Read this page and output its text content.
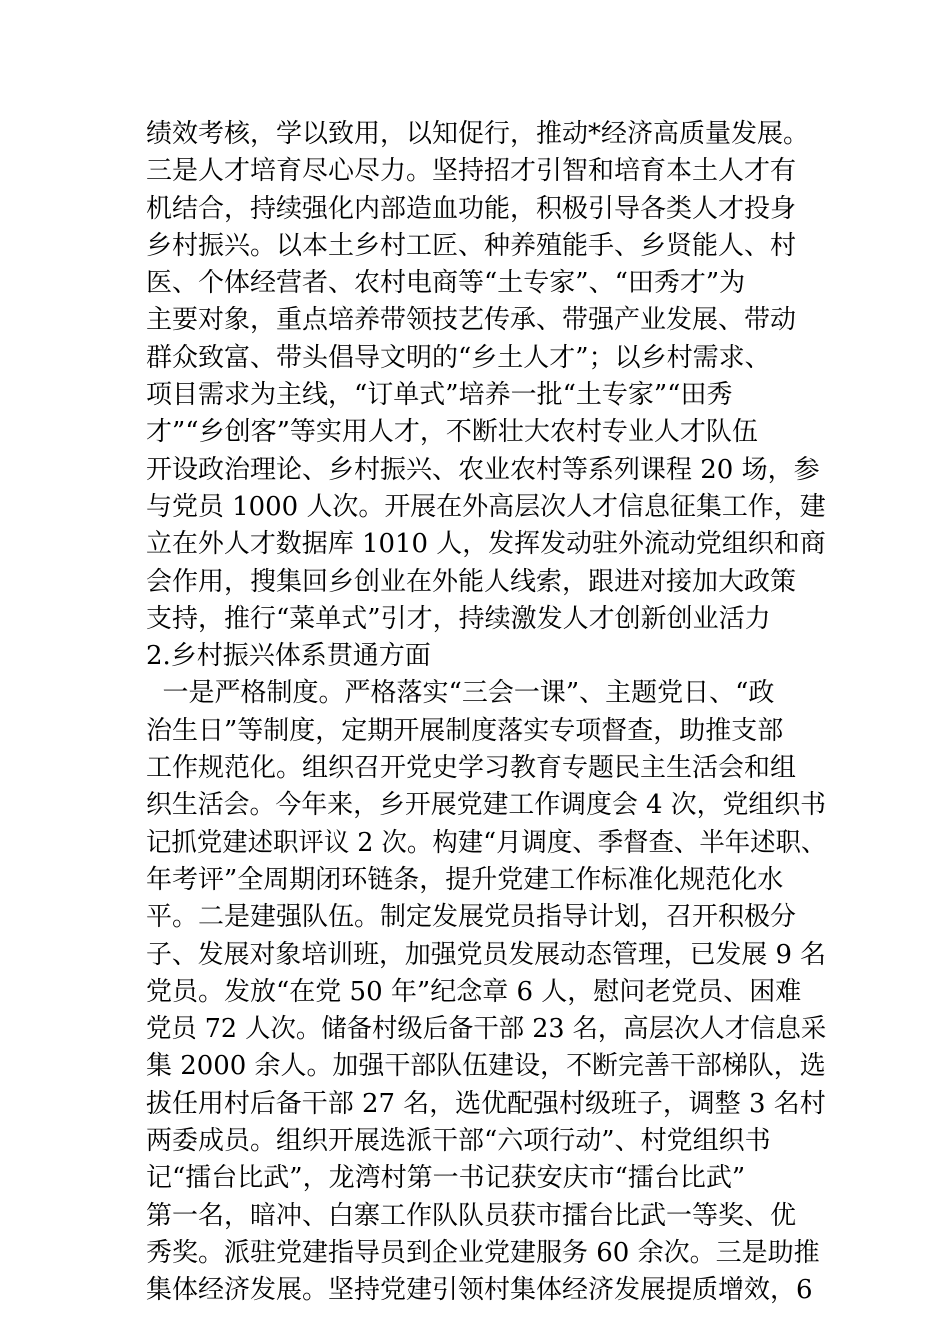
绩效考核，学以致用，以知促行，推动*经济高质量发展。
三是人才培育尽心尽力。坚持招才引智和培育本土人才有
机结合，持续强化内部造血功能，积极引导各类人才投身
乡村振兴。以本土乡村工匠、种养殖能手、乡贤能人、村
医、个体经营者、农村电商等“土专家”、“田秀才”为
主要对象，重点培养带领技艺传承、带强产业发展、带动
群众致富、带头倡导文明的“乡土人才”；以乡村需求、
项目需求为主线，“订单式”培养一批“土专家”“田秀
才”“乡创客”等实用人才，不断壮大农村专业人才队伍
开设政治理论、乡村振兴、农业农村等系列课程 20 场，参
与党员 1000 人次。开展在外高层次人才信息征集工作，建
立在外人才数据库 1010 人，发挥发动驻外流动党组织和商
会作用，搜集回乡创业在外能人线索，跟进对接加大政策
支持，推行“菜单式”引才，持续激发人才创新创业活力
2.乡村振兴体系贯通方面
一是严格制度。严格落实“三会一课”、主题党日、“政
治生日”等制度，定期开展制度落实专项督查，助推支部
工作规范化。组织召开党史学习教育专题民主生活会和组
织生活会。今年来，乡开展党建工作调度会 4 次，党组织书
记抓党建述职评议 2 次。构建“月调度、季督查、半年述职、
年考评”全周期闭环链条，提升党建工作标准化规范化水
平。二是建强队伍。制定发展党员指导计划，召开积极分
子、发展对象培训班，加强党员发展动态管理，已发展 9 名
党员。发放“在党 50 年”纪念章 6 人，慰问老党员、困难
党员 72 人次。储备村级后备干部 23 名，高层次人才信息采
集 2000 余人。加强干部队伍建设，不断完善干部梯队，选
拔任用村后备干部 27 名，选优配强村级班子，调整 3 名村
两委成员。组织开展选派干部“六项行动”、村党组织书
记“擂台比武”，龙湾村第一书记获安庆市“擂台比武”
第一名，暗冲、白寨工作队队员获市擂台比武一等奖、优
秀奖。派驻党建指导员到企业党建服务 60 余次。三是助推
集体经济发展。坚持党建引领村集体经济发展提质增效，6
